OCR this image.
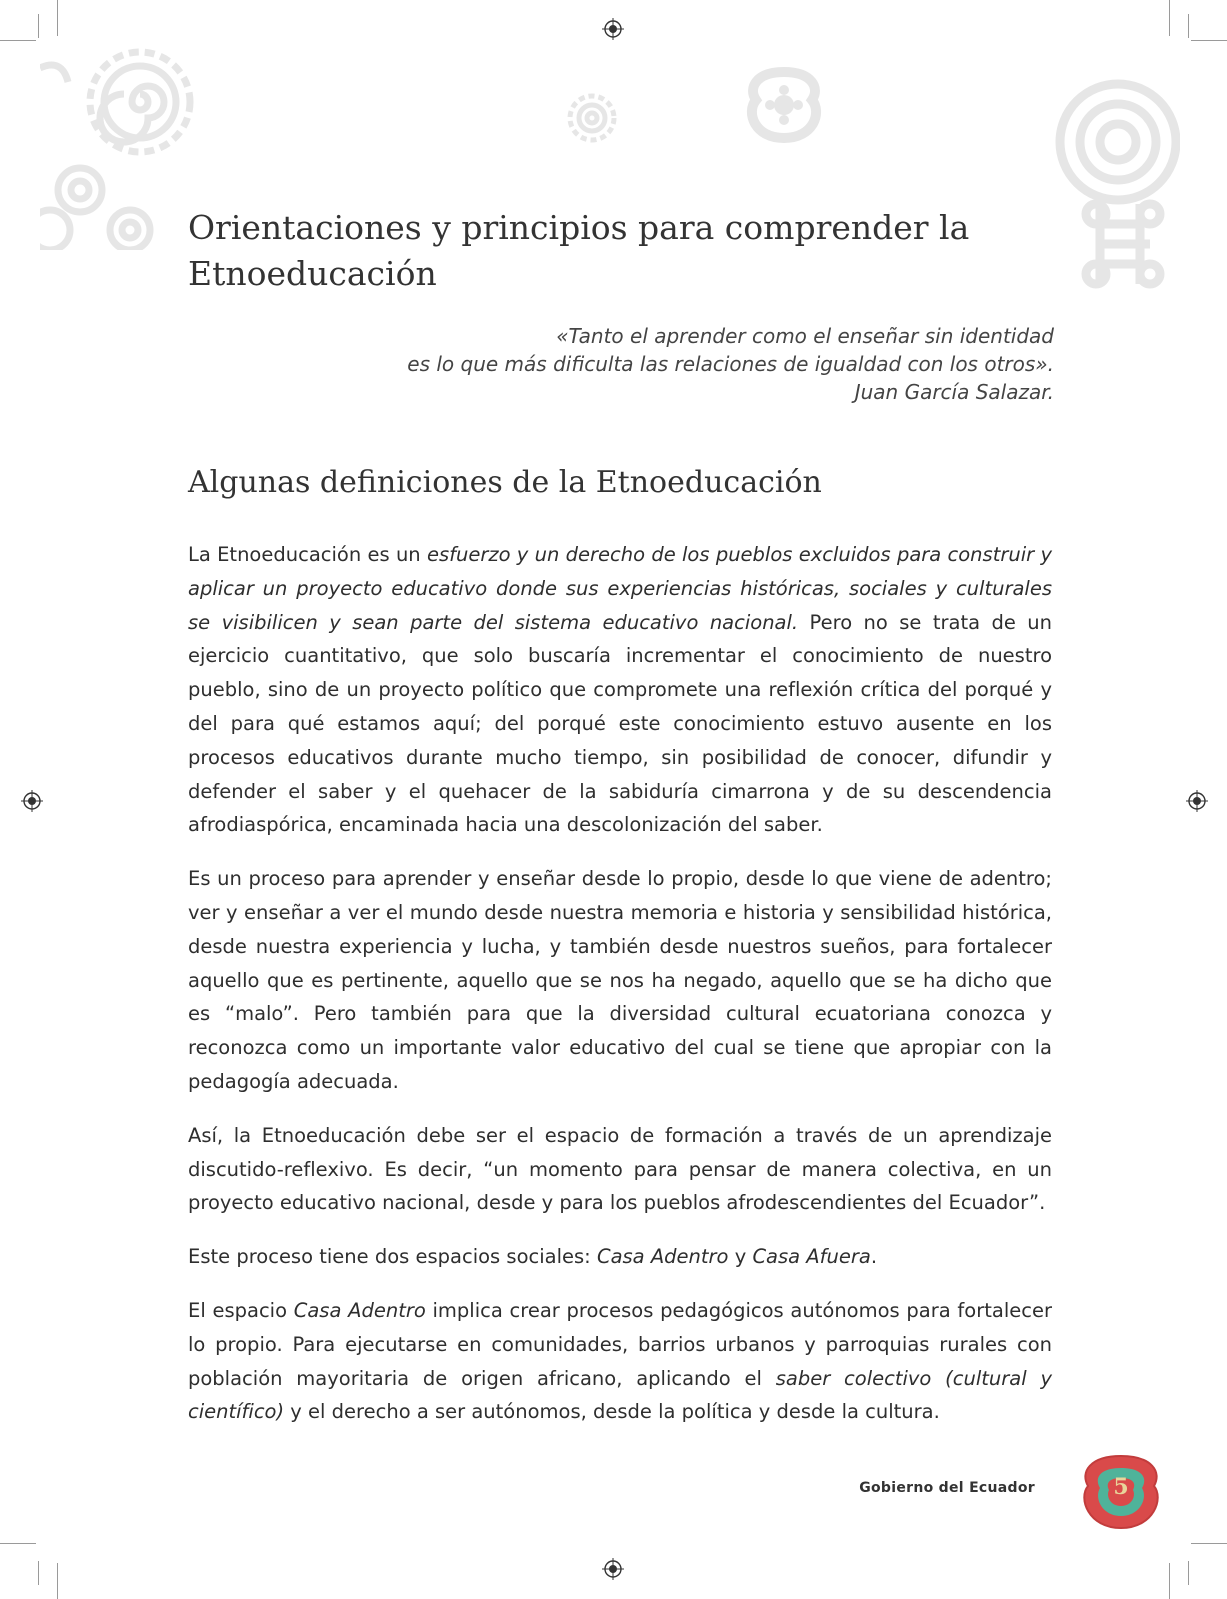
Orientaciones y principios para comprender la Etnoeducación
«Tanto el aprender como el enseñar sin identidad
es lo que más dificulta las relaciones de igualdad con los otros».
Juan García Salazar.
Algunas definiciones de la Etnoeducación

La Etnoeducación es un esfuerzo y un derecho de los pueblos excluidos para construir y aplicar un proyecto educativo donde sus experiencias históricas, sociales y culturales se visibilicen y sean parte del sistema educativo nacional. Pero no se trata de un ejercicio cuantitativo, que solo buscaría incrementar el conocimiento de nuestro pueblo, sino de un proyecto político que compromete una reflexión crítica del porqué y del para qué estamos aquí; del porqué este conocimiento estuvo ausente en los procesos educativos durante mucho tiempo, sin posibilidad de conocer, difundir y defender el saber y el quehacer de la sabiduría cimarrona y de su descendencia afrodiaspórica, encaminada hacia una descolonización del saber.

Es un proceso para aprender y enseñar desde lo propio, desde lo que viene de adentro; ver y enseñar a ver el mundo desde nuestra memoria e historia y sensibilidad histórica, desde nuestra experiencia y lucha, y también desde nuestros sueños, para fortalecer aquello que es pertinente, aquello que se nos ha negado, aquello que se ha dicho que es “malo”. Pero también para que la diversidad cultural ecuatoriana conozca y reconozca como un importante valor educativo del cual se tiene que apropiar con la pedagogía adecuada.

Así, la Etnoeducación debe ser el espacio de formación a través de un aprendizaje discutido-reflexivo. Es decir, “un momento para pensar de manera colectiva, en un proyecto educativo nacional, desde y para los pueblos afrodescendientes del Ecuador”.

Este proceso tiene dos espacios sociales: Casa Adentro y Casa Afuera.

El espacio Casa Adentro implica crear procesos pedagógicos autónomos para fortalecer lo propio. Para ejecutarse en comunidades, barrios urbanos y parroquias rurales con población mayoritaria de origen africano, aplicando el saber colectivo (cultural y científico) y el derecho a ser autónomos, desde la política y desde la cultura.

Gobierno del Ecuador	5
